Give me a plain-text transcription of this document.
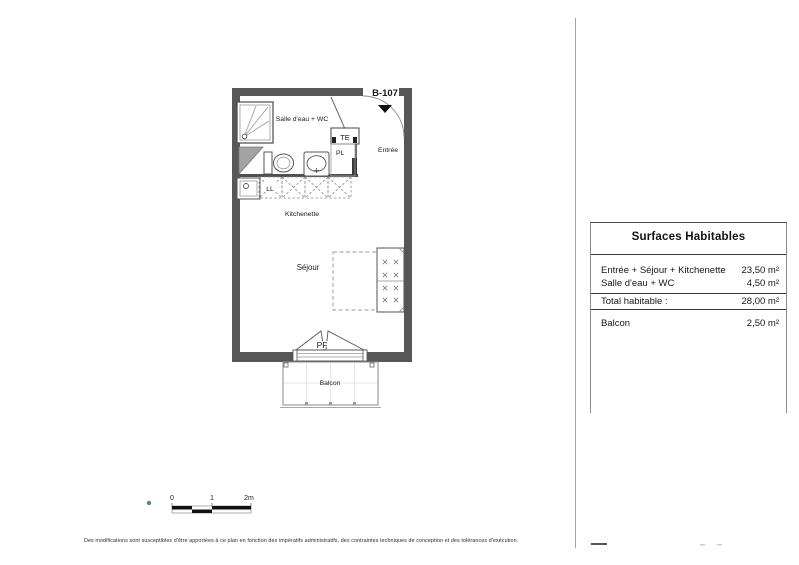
TE
PL
LL
PF
Balcon
B-107
Salle d'eau + WC
Entrée
Kitchenette
Séjour
0	1	2m
Surfaces Habitables
Entrée + Séjour + Kitchenette 23,50 m²
Salle d'eau + WC	4,50 m²
Total habitable :	28,00 m²
Balcon	2,50 m²
Des modifications sont susceptibles d'être apportées à ce plan en fonction des impératifs administratifs, des contraintes techniques de conception et des tolérances d'exécution.
